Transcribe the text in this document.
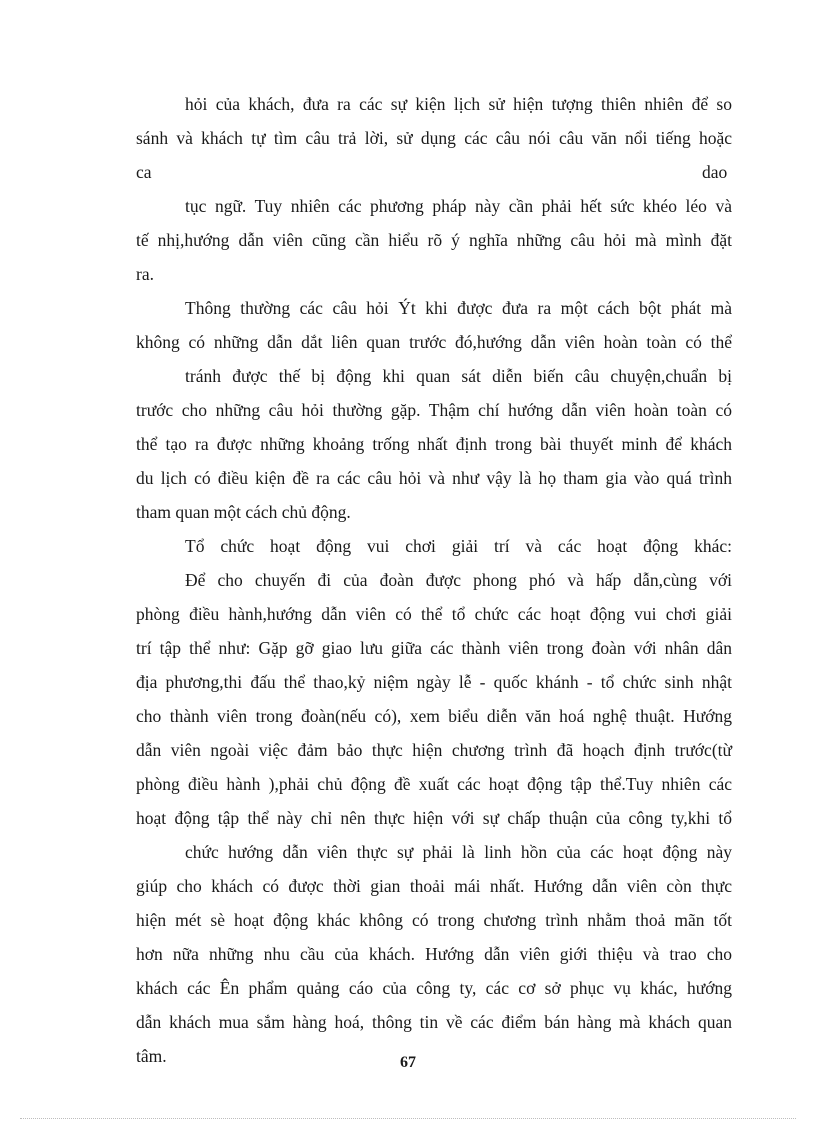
hỏi của khách, đưa ra các sự kiện lịch sử hiện tượng thiên nhiên để so
sánh và khách tự tìm câu trả lời, sử dụng các câu nói câu văn nổi tiếng hoặc
ca	dao
tục ngữ. Tuy nhiên các phương pháp này cần phải hết sức khéo léo và
tế nhị,hướng dẫn viên cũng cần hiểu rõ ý nghĩa những câu hỏi mà mình đặt
ra.
Thông thường các câu hỏi Ýt khi được đưa ra một cách bột phát mà
không có những dẫn dắt liên quan trước đó,hướng dẫn viên hoàn toàn có thể
tránh được thế bị động khi quan sát diễn biến câu chuyện,chuẩn bị
trước cho những câu hỏi thường gặp. Thậm chí hướng dẫn viên hoàn toàn có
thể tạo ra được những khoảng trống nhất định trong bài thuyết minh để khách
du lịch có điều kiện đề ra các câu hỏi và như vậy là họ tham gia vào quá trình
tham quan một cách chủ động.
Tổ chức hoạt động vui chơi giải trí và các hoạt động khác:
Để cho chuyến đi của đoàn được phong phó và hấp dẫn,cùng với
phòng điều hành,hướng dẫn viên có thể tổ chức các hoạt động vui chơi giải
trí tập thể như: Gặp gỡ giao lưu giữa các thành viên trong đoàn với nhân dân
địa phương,thi đấu thể thao,kỷ niệm ngày lễ - quốc khánh - tổ chức sinh nhật
cho thành viên trong đoàn(nếu có), xem biểu diễn văn hoá nghệ thuật. Hướng
dẫn viên ngoài việc đảm bảo thực hiện chương trình đã hoạch định trước(từ
phòng điều hành ),phải chủ động đề xuất các hoạt động tập thể.Tuy nhiên các
hoạt động tập thể này chỉ nên thực hiện với sự chấp thuận của công ty,khi tổ
chức hướng dẫn viên thực sự phải là linh hồn của các hoạt động này
giúp cho khách có được thời gian thoải mái nhất. Hướng dẫn viên còn thực
hiện mét sè hoạt động khác không có trong chương trình nhằm thoả mãn tốt
hơn nữa những nhu cầu của khách. Hướng dẫn viên giới thiệu và trao cho
khách các Ên phẩm quảng cáo của công ty, các cơ sở phục vụ khác, hướng
dẫn khách mua sắm hàng hoá, thông tin về các điểm bán hàng mà khách quan
tâm.	67
